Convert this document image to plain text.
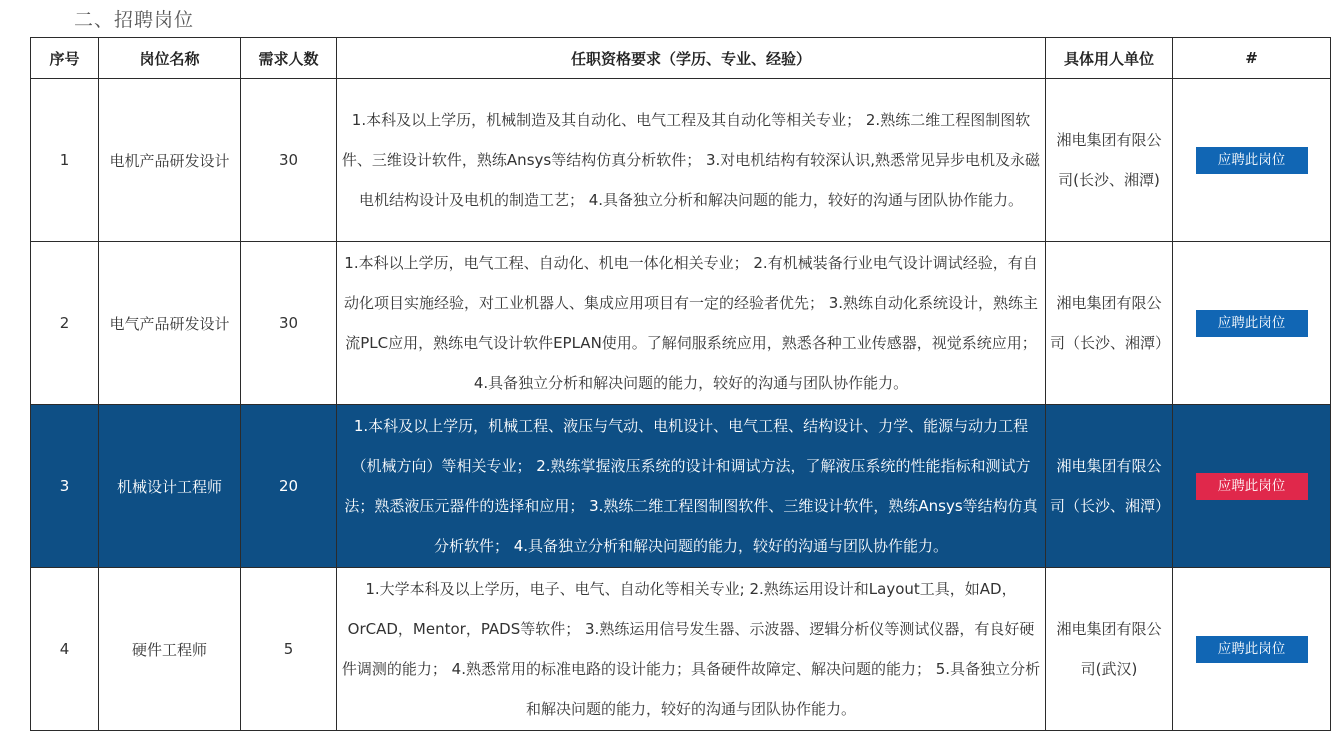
二、招聘岗位
序号	岗位名称	需求人数	任职资格要求（学历、专业、经验）	具体用人单位	#
1	电机产品研发设计	30	1.本科及以上学历，机械制造及其自动化、电气工程及其自动化等相关专业； 2.熟练二维工程图制图软件、三维设计软件，熟练Ansys等结构仿真分析软件； 3.对电机结构有较深认识,熟悉常见异步电机及永磁电机结构设计及电机的制造工艺； 4.具备独立分析和解决问题的能力，较好的沟通与团队协作能力。	湘电集团有限公司(长沙、湘潭)	应聘此岗位
2	电气产品研发设计	30	1.本科以上学历，电气工程、自动化、机电一体化相关专业； 2.有机械装备行业电气设计调试经验，有自动化项目实施经验，对工业机器人、集成应用项目有一定的经验者优先； 3.熟练自动化系统设计，熟练主流PLC应用，熟练电气设计软件EPLAN使用。了解伺服系统应用，熟悉各种工业传感器，视觉系统应用； 4.具备独立分析和解决问题的能力，较好的沟通与团队协作能力。	湘电集团有限公司（长沙、湘潭）	应聘此岗位
3	机械设计工程师	20	1.本科及以上学历，机械工程、液压与气动、电机设计、电气工程、结构设计、力学、能源与动力工程（机械方向）等相关专业； 2.熟练掌握液压系统的设计和调试方法，了解液压系统的性能指标和测试方法；熟悉液压元器件的选择和应用； 3.熟练二维工程图制图软件、三维设计软件，熟练Ansys等结构仿真分析软件； 4.具备独立分析和解决问题的能力，较好的沟通与团队协作能力。	湘电集团有限公司（长沙、湘潭）	应聘此岗位
4	硬件工程师	5	1.大学本科及以上学历，电子、电气、自动化等相关专业; 2.熟练运用设计和Layout工具，如AD，OrCAD，Mentor，PADS等软件； 3.熟练运用信号发生器、示波器、逻辑分析仪等测试仪器，有良好硬件调测的能力； 4.熟悉常用的标准电路的设计能力；具备硬件故障定、解决问题的能力； 5.具备独立分析和解决问题的能力，较好的沟通与团队协作能力。	湘电集团有限公司(武汉)	应聘此岗位
